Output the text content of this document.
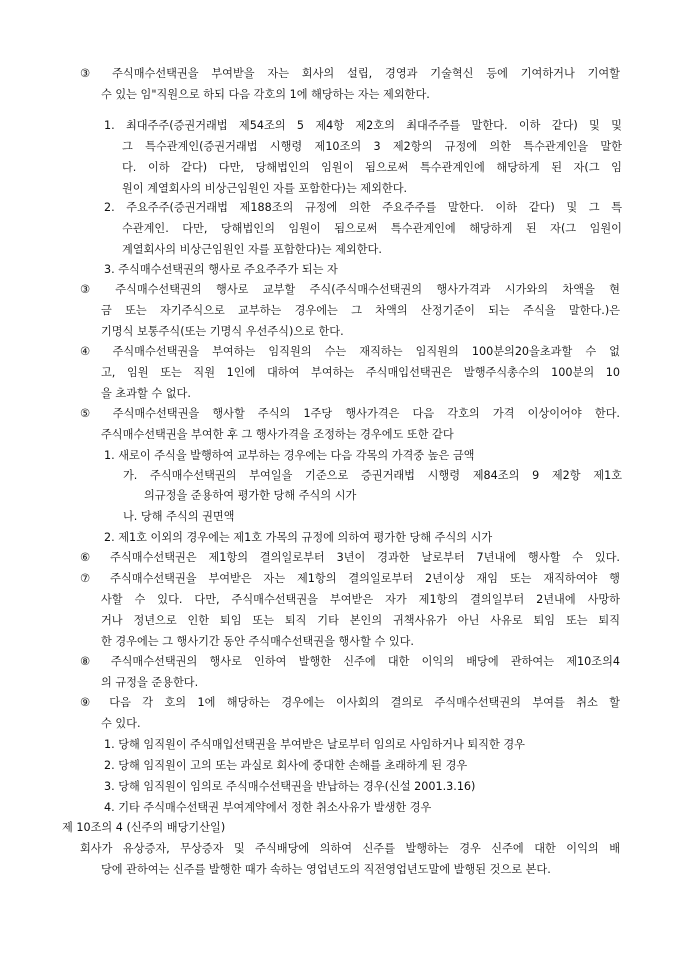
③ 주식매수선택권을 부여받을 자는 회사의 설립, 경영과 기술혁신 등에 기여하거나 기여할
수 있는 임"직원으로 하되 다음 각호의 1에 해당하는 자는 제외한다.
1. 최대주주(증권거래법 제54조의 5 제4항 제2호의 최대주주를 말한다. 이하 같다) 및 및
그 특수관계인(증권거래법 시행령 제10조의 3 제2항의 규정에 의한 특수관계인을 말한
다. 이하 같다) 다만, 당해법인의 임원이 됨으로써 특수관계인에 해당하게 된 자(그 임
원이 계열회사의 비상근임원인 자를 포함한다)는 제외한다.
2. 주요주주(증권거래법 제188조의 규정에 의한 주요주주를 말한다. 이하 같다) 및 그 특
수관계인. 다만, 당해법인의 임원이 됨으로써 특수관계인에 해당하게 된 자(그 임원이
계열회사의 비상근임원인 자를 포함한다)는 제외한다.
3. 주식매수선택권의 행사로 주요주주가 되는 자
③ 주식매수선택권의 행사로 교부할 주식(주식매수선택권의 행사가격과 시가와의 차액을 현
금 또는 자기주식으로 교부하는 경우에는 그 차액의 산정기준이 되는 주식을 말한다.)은
기명식 보통주식(또는 기명식 우선주식)으로 한다.
④ 주식매수선택권을 부여하는 임직원의 수는 재직하는 임직원의 100분의20을초과할 수 없
고, 임원 또는 직원 1인에 대하여 부여하는 주식매입선택권은 발행주식총수의 100분의 10
을 초과할 수 없다.
⑤ 주식매수선택권을 행사할 주식의 1주당 행사가격은 다음 각호의 가격 이상이어야 한다.
주식매수선택권을 부여한 후 그 행사가격을 조정하는 경우에도 또한 같다
1. 새로이 주식을 발행하여 교부하는 경우에는 다음 각목의 가격중 높은 금액
가. 주식매수선택권의 부여일을 기준으로 증권거래법 시행령 제84조의 9 제2항 제1호
의규정을 준용하여 평가한 당해 주식의 시가
나. 당해 주식의 권면액
2. 제1호 이외의 경우에는 제1호 가목의 규정에 의하여 평가한 당해 주식의 시가
⑥ 주식매수선택권은 제1항의 결의일로부터 3년이 경과한 날로부터 7년내에 행사할 수 있다.
⑦ 주식매수선택권을 부여받은 자는 제1항의 결의일로부터 2년이상 재임 또는 재직하여야 행
사할 수 있다. 다만, 주식매수선택권을 부여받은 자가 제1항의 결의일부터 2년내에 사망하
거나 정년으로 인한 퇴임 또는 퇴직 기타 본인의 귀책사유가 아닌 사유로 퇴임 또는 퇴직
한 경우에는 그 행사기간 동안 주식매수선택권을 행사할 수 있다.
⑧ 주식매수선택권의 행사로 인하여 발행한 신주에 대한 이익의 배당에 관하여는 제10조의4
의 규정을 준용한다.
⑨ 다음 각 호의 1에 해당하는 경우에는 이사회의 결의로 주식매수선택권의 부여를 취소 할
수 있다.
1. 당해 임직원이 주식매입선택권을 부여받은 날로부터 임의로 사임하거나 퇴직한 경우
2. 당해 임직원이 고의 또는 과실로 회사에 중대한 손해를 초래하게 된 경우
3. 당해 임직원이 임의로 주식매수선택권을 반납하는 경우(신설 2001.3.16)
4. 기타 주식매수선택권 부여계약에서 정한 취소사유가 발생한 경우
제 10조의 4 (신주의 배당기산일)
회사가 유상증자, 무상증자 및 주식배당에 의하여 신주를 발행하는 경우 신주에 대한 이익의 배
당에 관하여는 신주를 발행한 때가 속하는 영업년도의 직전영업년도말에 발행된 것으로 본다.
